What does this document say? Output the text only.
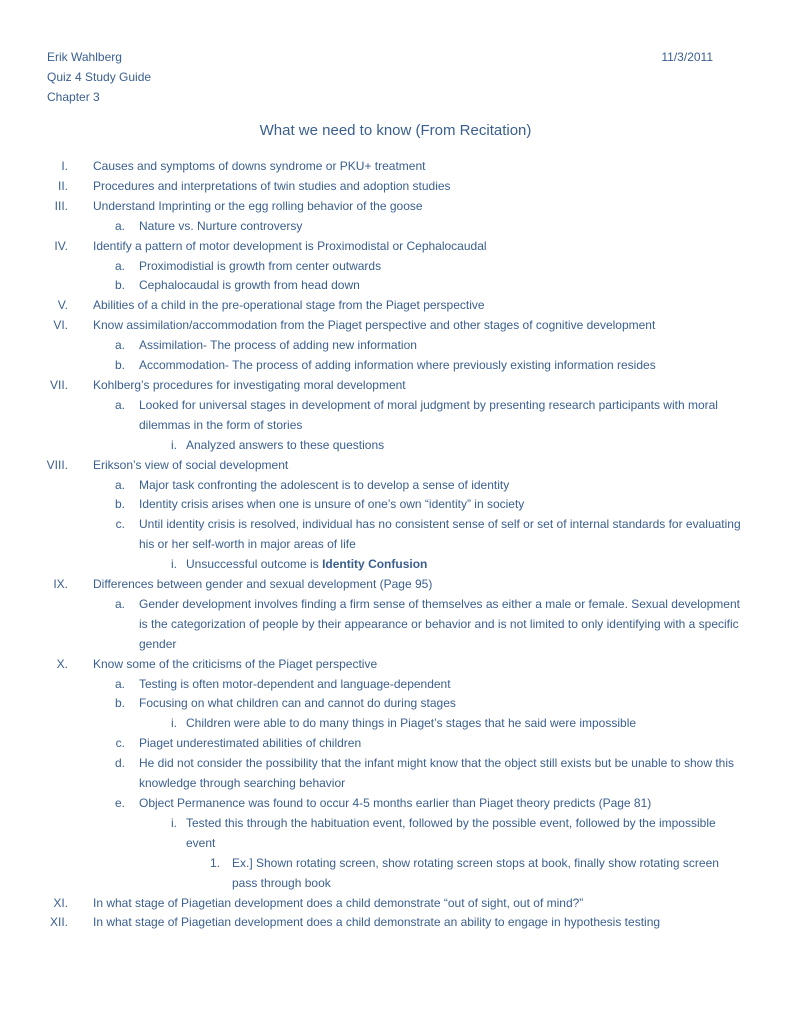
Erik Wahlberg	11/3/2011
Quiz 4 Study Guide
Chapter 3
What we need to know (From Recitation)
I. Causes and symptoms of downs syndrome or PKU+ treatment
II. Procedures and interpretations of twin studies and adoption studies
III. Understand Imprinting or the egg rolling behavior of the goose
a. Nature vs. Nurture controversy
IV. Identify a pattern of motor development is Proximodistal or Cephalocaudal
a. Proximodistial is growth from center outwards
b. Cephalocaudal is growth from head down
V. Abilities of a child in the pre-operational stage from the Piaget perspective
VI. Know assimilation/accommodation from the Piaget perspective and other stages of cognitive development
a. Assimilation- The process of adding new information
b. Accommodation- The process of adding information where previously existing information resides
VII. Kohlberg’s procedures for investigating moral development
a. Looked for universal stages in development of moral judgment by presenting research participants with moral dilemmas in the form of stories
i. Analyzed answers to these questions
VIII. Erikson’s view of social development
a. Major task confronting the adolescent is to develop a sense of identity
b. Identity crisis arises when one is unsure of one’s own “identity” in society
c. Until identity crisis is resolved, individual has no consistent sense of self or set of internal standards for evaluating his or her self-worth in major areas of life
i. Unsuccessful outcome is Identity Confusion
IX. Differences between gender and sexual development (Page 95)
a. Gender development involves finding a firm sense of themselves as either a male or female. Sexual development is the categorization of people by their appearance or behavior and is not limited to only identifying with a specific gender
X. Know some of the criticisms of the Piaget perspective
a. Testing is often motor-dependent and language-dependent
b. Focusing on what children can and cannot do during stages
i. Children were able to do many things in Piaget’s stages that he said were impossible
c. Piaget underestimated abilities of children
d. He did not consider the possibility that the infant might know that the object still exists but be unable to show this knowledge through searching behavior
e. Object Permanence was found to occur 4-5 months earlier than Piaget theory predicts (Page 81)
i. Tested this through the habituation event, followed by the possible event, followed by the impossible event
1. Ex.] Shown rotating screen, show rotating screen stops at book, finally show rotating screen pass through book
XI. In what stage of Piagetian development does a child demonstrate “out of sight, out of mind?”
XII. In what stage of Piagetian development does a child demonstrate an ability to engage in hypothesis testing
